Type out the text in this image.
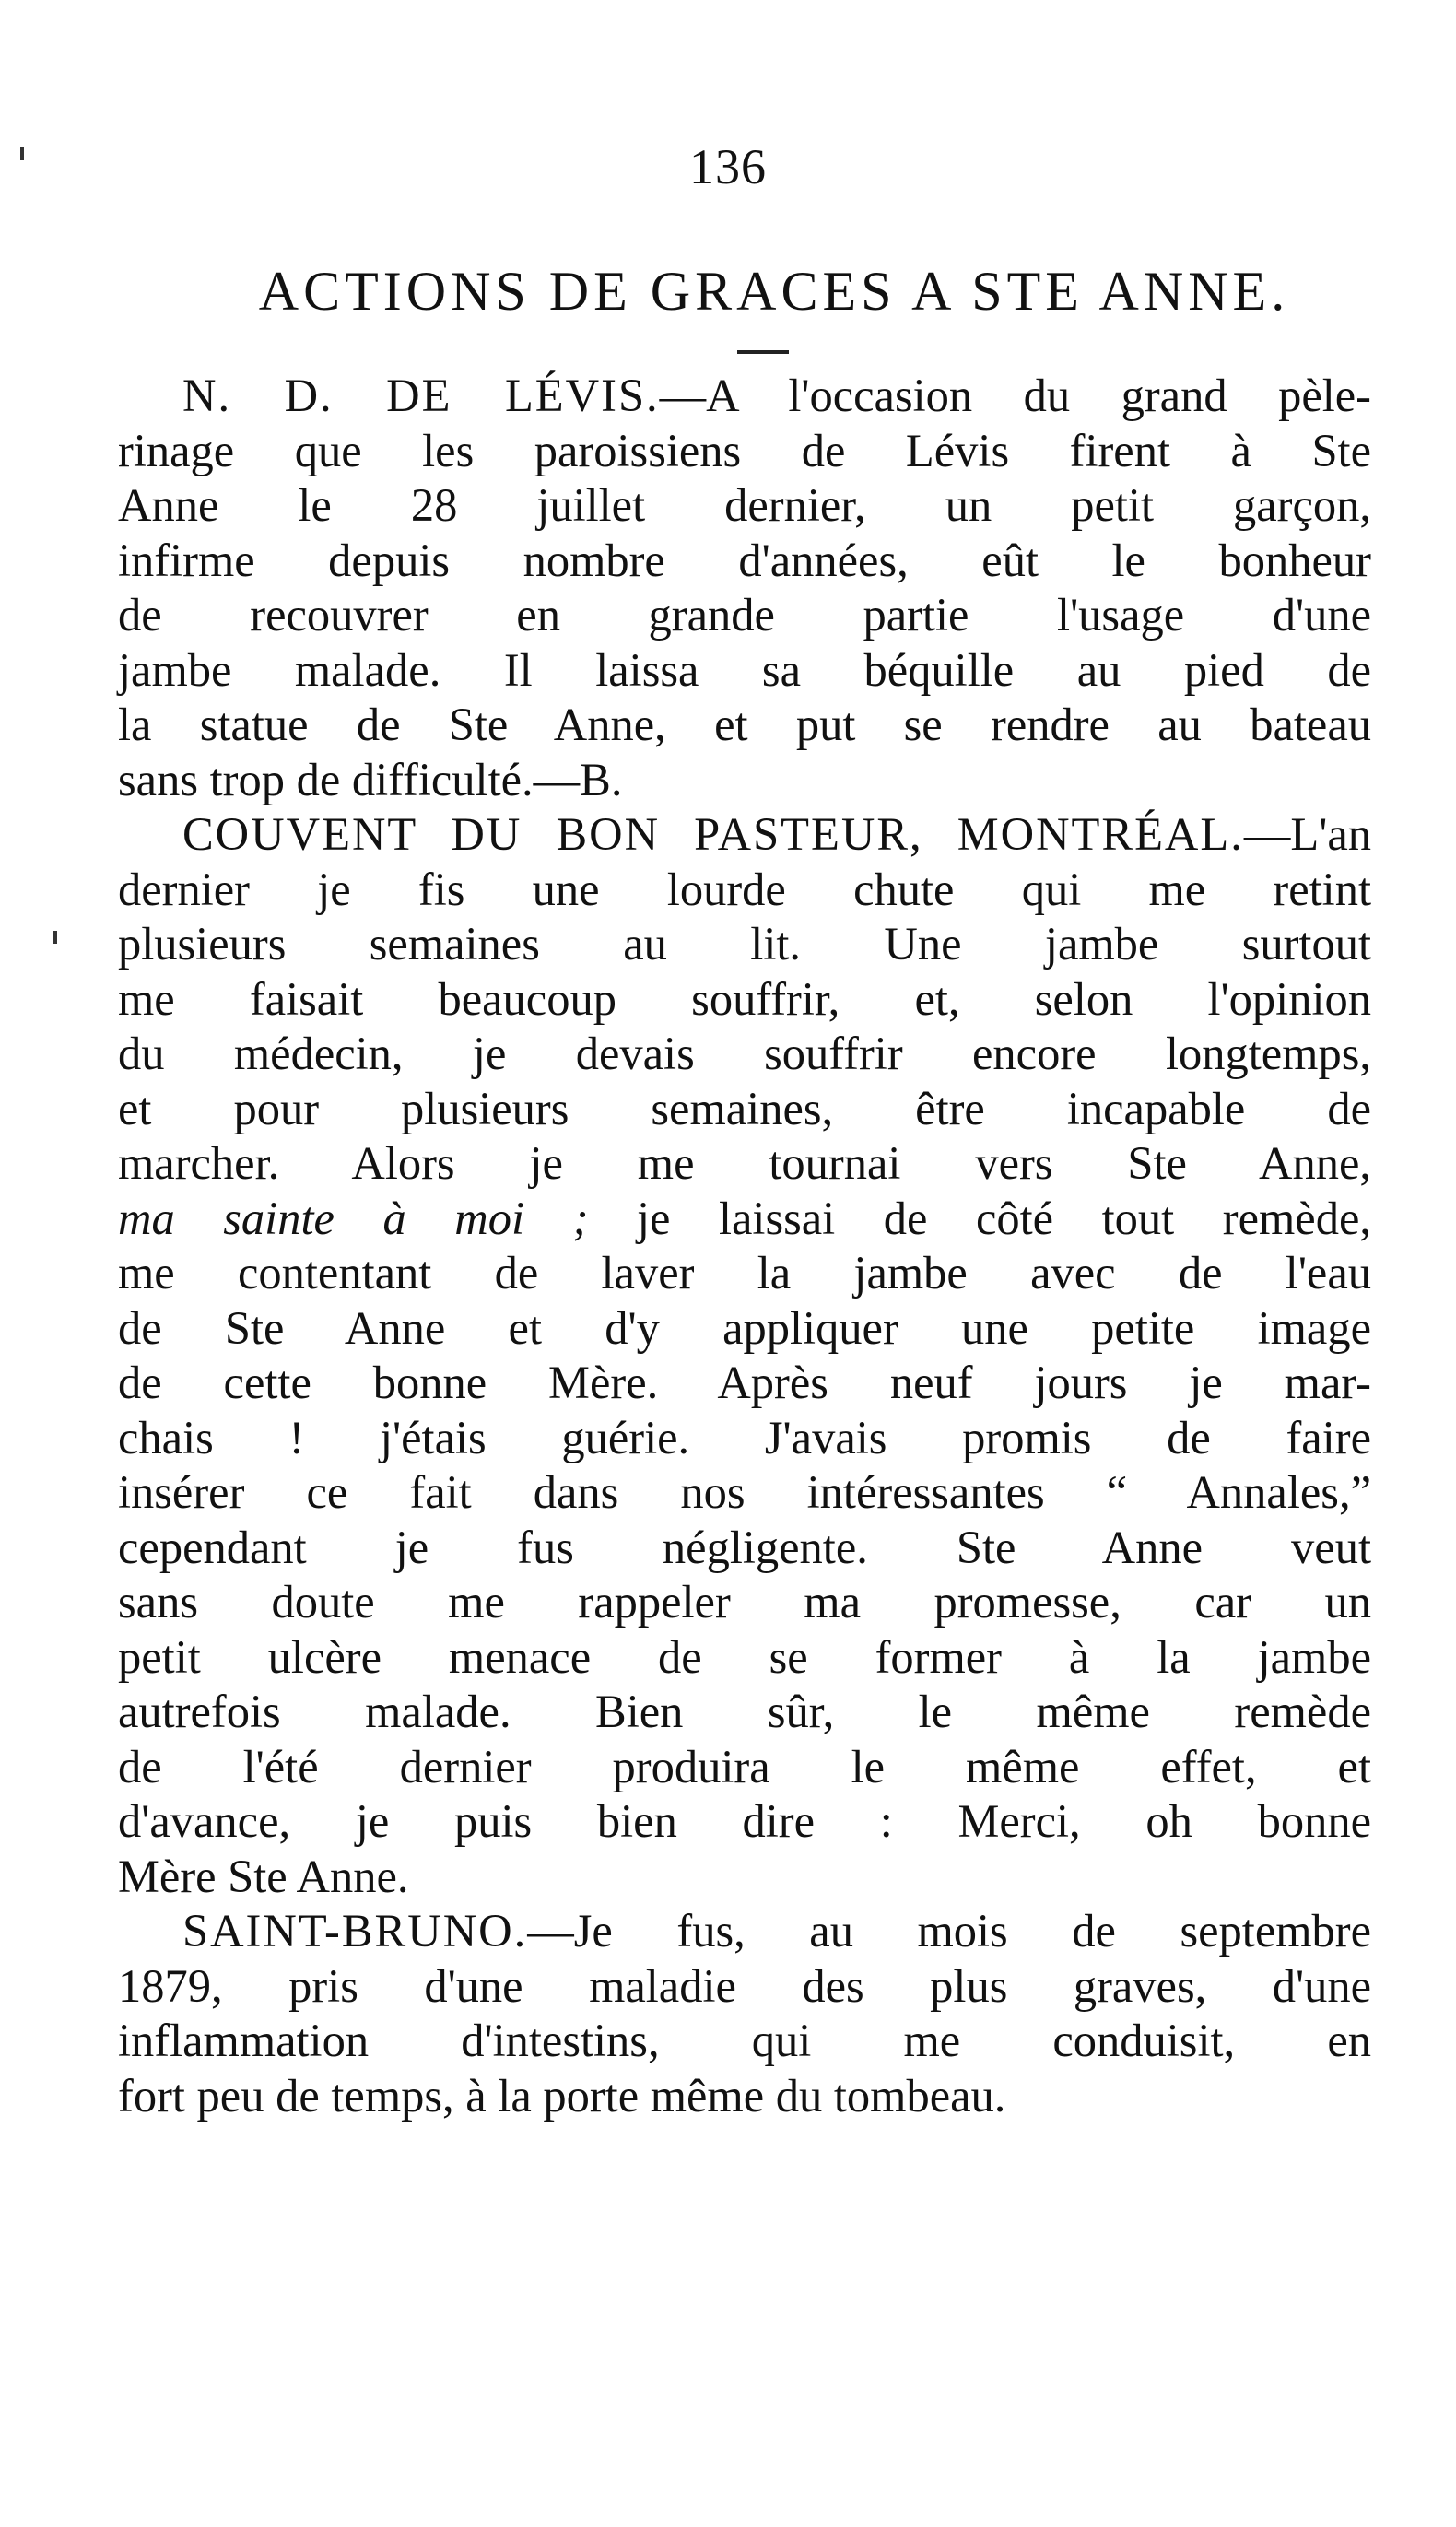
136
ACTIONS DE GRACES A STE ANNE.
N. D. DE LÉVIS.—A l'occasion du grand pèle-
rinage que les paroissiens de Lévis firent à Ste
Anne le 28 juillet dernier, un petit garçon,
infirme depuis nombre d'années, eût le bonheur
de recouvrer en grande partie l'usage d'une
jambe malade. Il laissa sa béquille au pied de
la statue de Ste Anne, et put se rendre au bateau
sans trop de difficulté.—B.
COUVENT DU BON PASTEUR, MONTRÉAL.—L'an
dernier je fis une lourde chute qui me retint
plusieurs semaines au lit. Une jambe surtout
me faisait beaucoup souffrir, et, selon l'opinion
du médecin, je devais souffrir encore longtemps,
et pour plusieurs semaines, être incapable de
marcher. Alors je me tournai vers Ste Anne,
ma sainte à moi ; je laissai de côté tout remède,
me contentant de laver la jambe avec de l'eau
de Ste Anne et d'y appliquer une petite image
de cette bonne Mère. Après neuf jours je mar-
chais ! j'étais guérie. J'avais promis de faire
insérer ce fait dans nos intéressantes “ Annales,”
cependant je fus négligente. Ste Anne veut
sans doute me rappeler ma promesse, car un
petit ulcère menace de se former à la jambe
autrefois malade. Bien sûr, le même remède
de l'été dernier produira le même effet, et
d'avance, je puis bien dire : Merci, oh bonne
Mère Ste Anne.
SAINT-BRUNO.—Je fus, au mois de septembre
1879, pris d'une maladie des plus graves, d'une
inflammation d'intestins, qui me conduisit, en
fort peu de temps, à la porte même du tombeau.
